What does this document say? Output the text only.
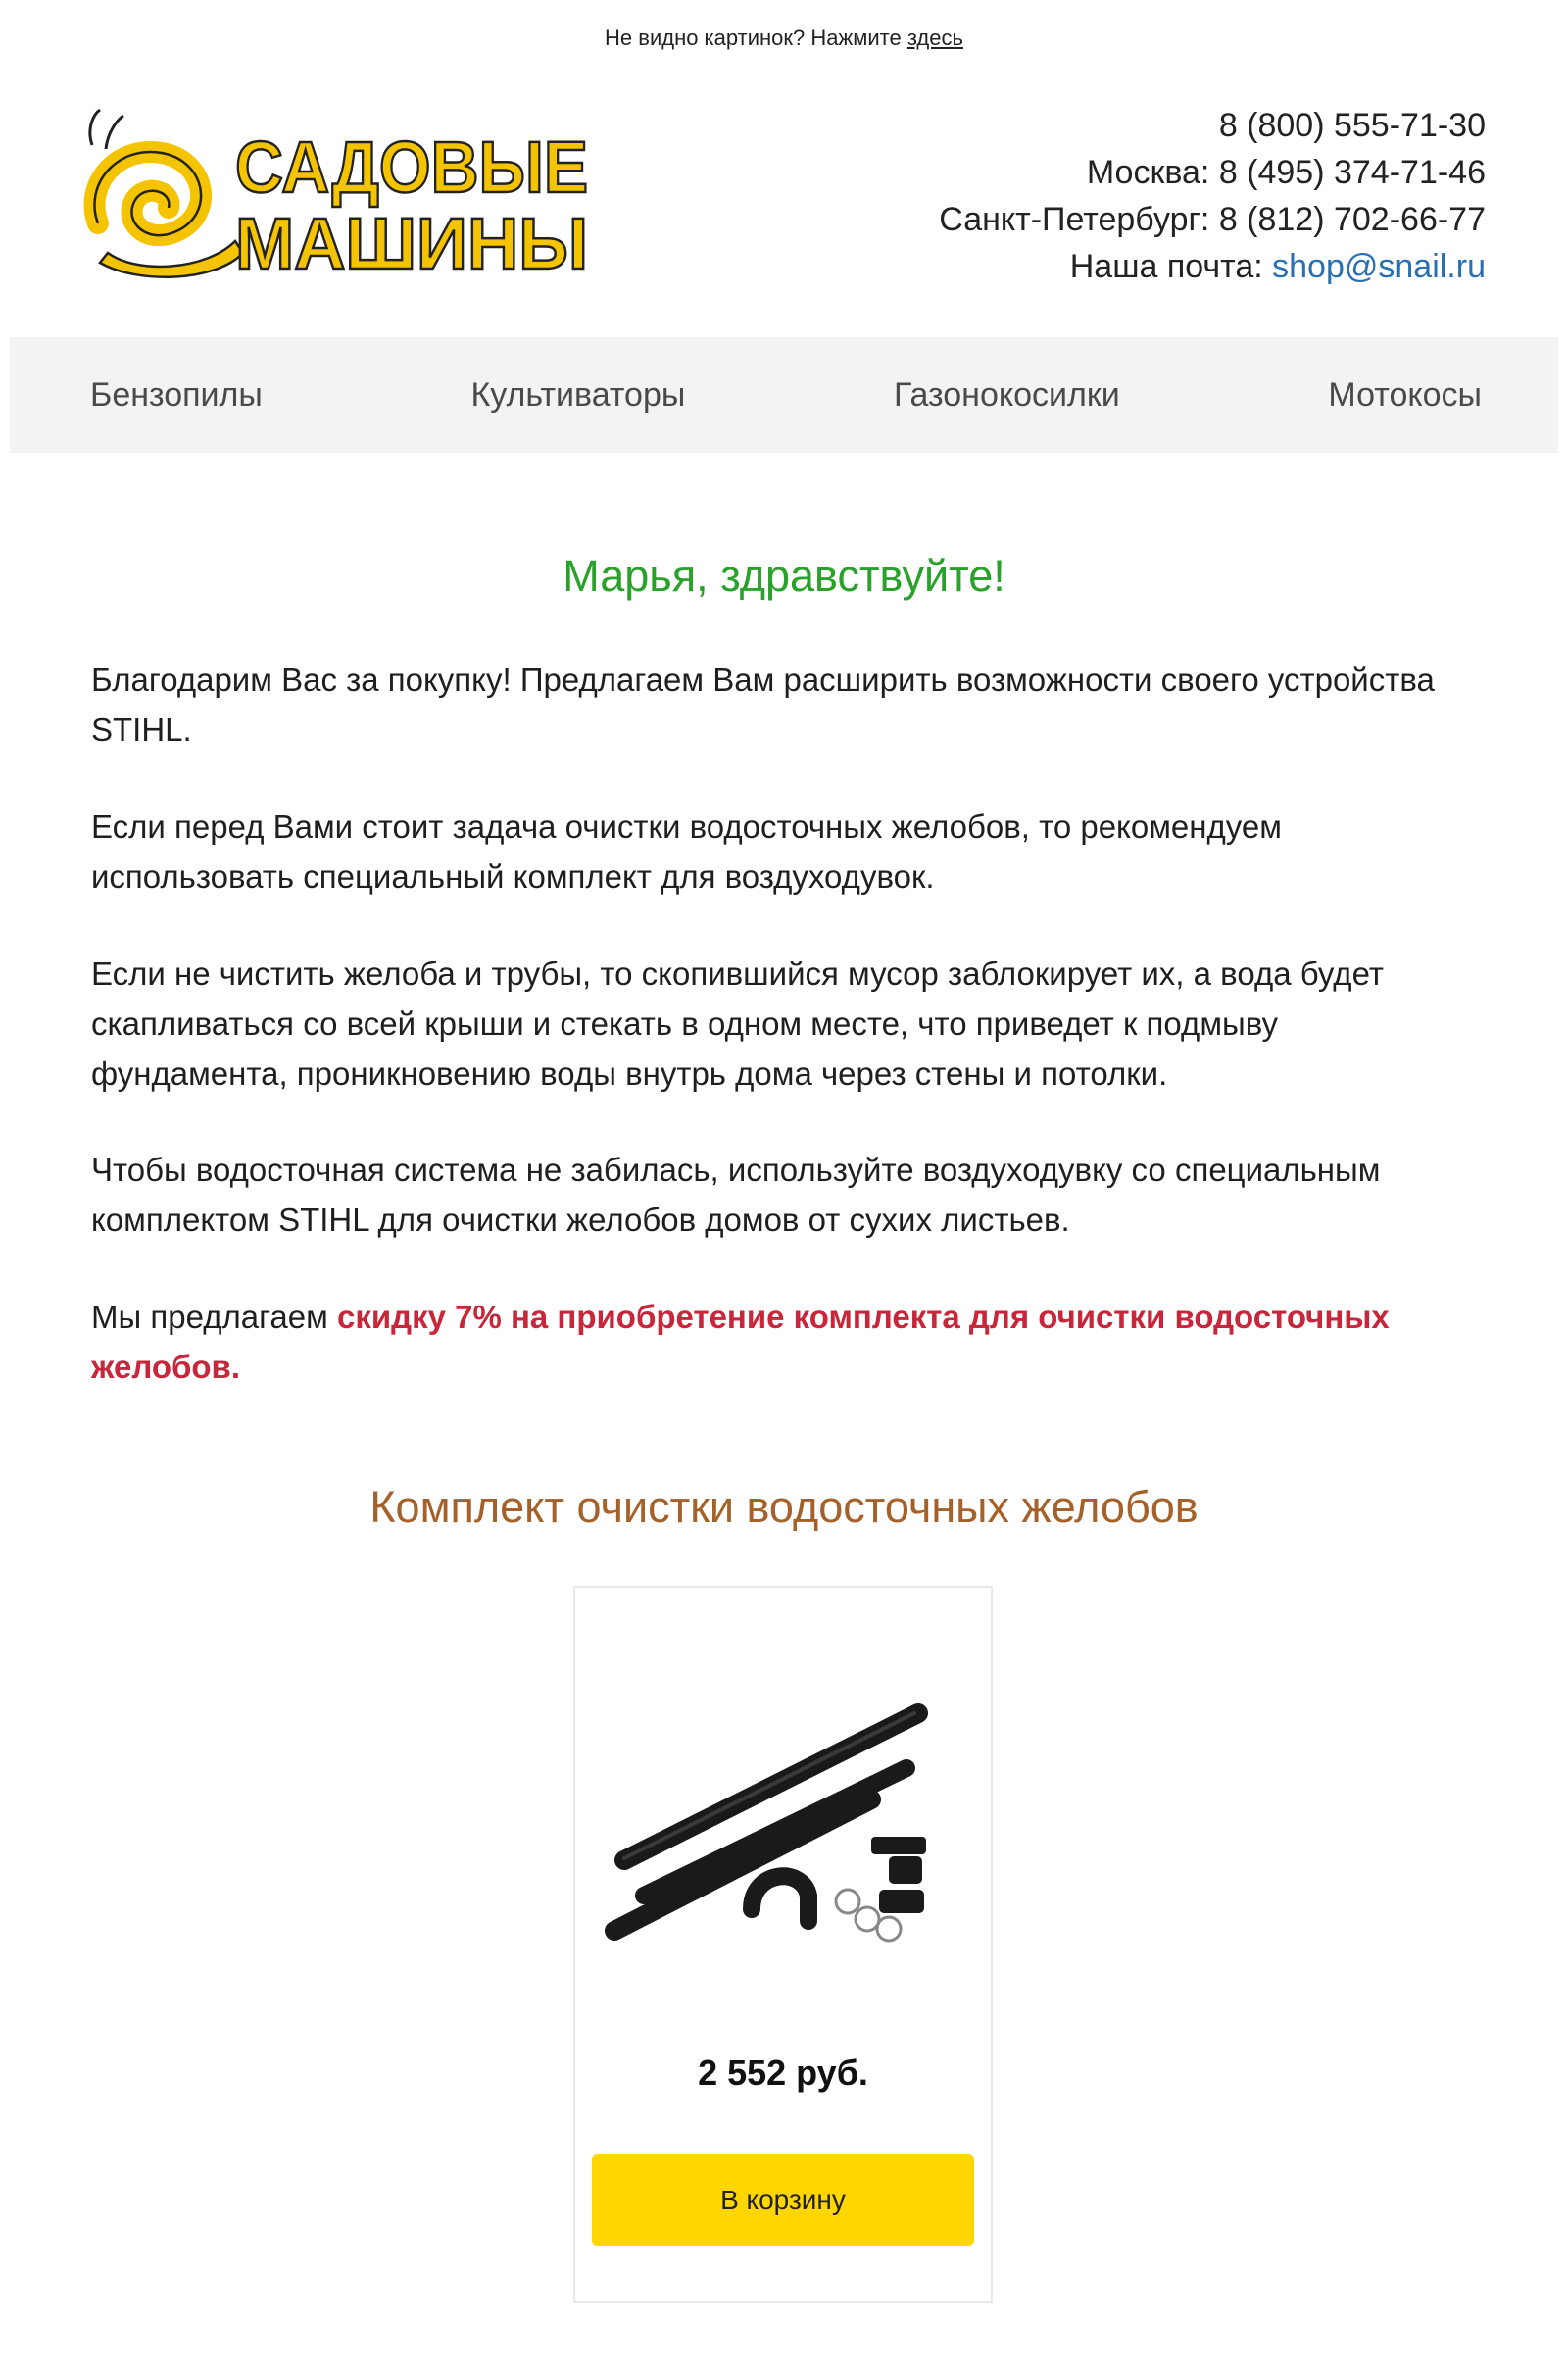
Не видно картинок? Нажмите здесь
САДОВЫЕ
МАШИНЫ
8 (800) 555-71-30
Москва: 8 (495) 374-71-46
Санкт-Петербург: 8 (812) 702-66-77
Наша почта: shop@snail.ru
Бензопилы	Культиваторы	Газонокосилки	Мотокосы
Марья, здравствуйте!

Благодарим Вас за покупку! Предлагаем Вам расширить возможности своего устройства STIHL.

Если перед Вами стоит задача очистки водосточных желобов, то рекомендуем использовать специальный комплект для воздуходувок.

Если не чистить желоба и трубы, то скопившийся мусор заблокирует их, а вода будет скапливаться со всей крыши и стекать в одном месте, что приведет к подмыву фундамента, проникновению воды внутрь дома через стены и потолки.

Чтобы водосточная система не забилась, используйте воздуходувку со специальным комплектом STIHL для очистки желобов домов от сухих листьев.

Мы предлагаем скидку 7% на приобретение комплекта для очистки водосточных желобов.

Комплект очистки водосточных желобов
2 552 руб.
В корзину
